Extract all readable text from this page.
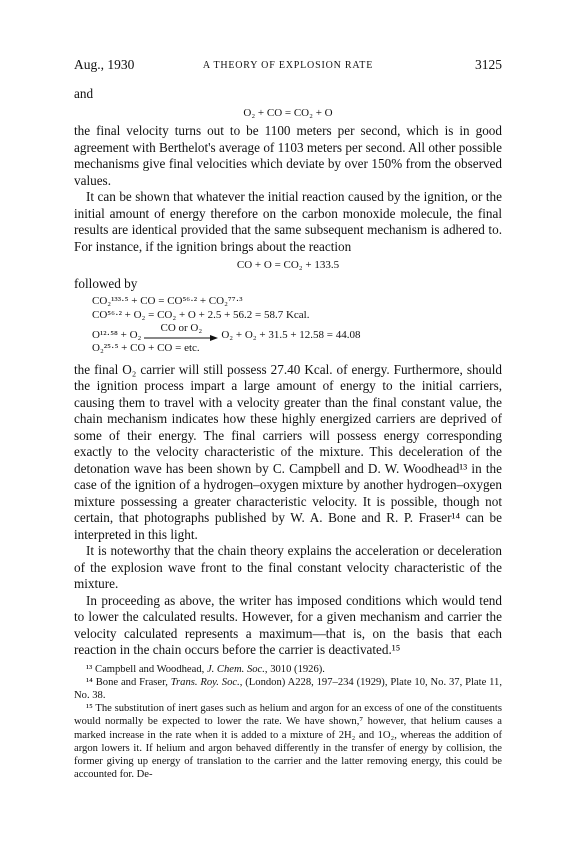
Aug., 1930	A THEORY OF EXPLOSION RATE	3125

and

O₂ + CO = CO₂ + O

the final velocity turns out to be 1100 meters per second, which is in good agreement with Berthelot's average of 1103 meters per second. All other possible mechanisms give final velocities which deviate by over 150% from the observed values.

It can be shown that whatever the initial reaction caused by the ignition, or the initial amount of energy therefore on the carbon monoxide molecule, the final results are identical provided that the same subsequent mechanism is adhered to. For instance, if the ignition brings about the reaction

CO + O = CO₂ + 133.5

followed by

CO₂¹³³·⁵ + CO = CO⁵⁶·² + CO₂⁷⁷·³
CO⁵⁶·² + O₂ = CO₂ + O + 2.5 + 56.2 = 58.7 Kcal.
O¹²·⁵⁸ + O₂
CO or O₂
O₂ + O₂ + 31.5 + 12.58 = 44.08
O₂²⁵·⁵ + CO + CO = etc.

the final O₂ carrier will still possess 27.40 Kcal. of energy. Furthermore, should the ignition process impart a large amount of energy to the initial carriers, causing them to travel with a velocity greater than the final constant value, the chain mechanism indicates how these highly energized carriers are deprived of some of their energy. The final carriers will possess energy corresponding exactly to the velocity characteristic of the mixture. This deceleration of the detonation wave has been shown by C. Campbell and D. W. Woodhead¹³ in the case of the ignition of a hydrogen–oxygen mixture by another hydrogen–oxygen mixture possessing a greater characteristic velocity. It is possible, though not certain, that photographs published by W. A. Bone and R. P. Fraser¹⁴ can be interpreted in this light.

It is noteworthy that the chain theory explains the acceleration or deceleration of the explosion wave front to the final constant velocity characteristic of the mixture.

In proceeding as above, the writer has imposed conditions which would tend to lower the calculated results. However, for a given mechanism and carrier the velocity calculated represents a maximum—that is, on the basis that each reaction in the chain occurs before the carrier is deactivated.¹⁵

¹³ Campbell and Woodhead, J. Chem. Soc., 3010 (1926).

¹⁴ Bone and Fraser, Trans. Roy. Soc., (London) A228, 197–234 (1929), Plate 10, No. 37, Plate 11, No. 38.

¹⁵ The substitution of inert gases such as helium and argon for an excess of one of the constituents would normally be expected to lower the rate. We have shown,⁷ however, that helium causes a marked increase in the rate when it is added to a mixture of 2H₂ and 1O₂, whereas the addition of argon lowers it. If helium and argon behaved differently in the transfer of energy by collision, the former giving up energy of translation to the carrier and the latter removing energy, this could be accounted for. De-
